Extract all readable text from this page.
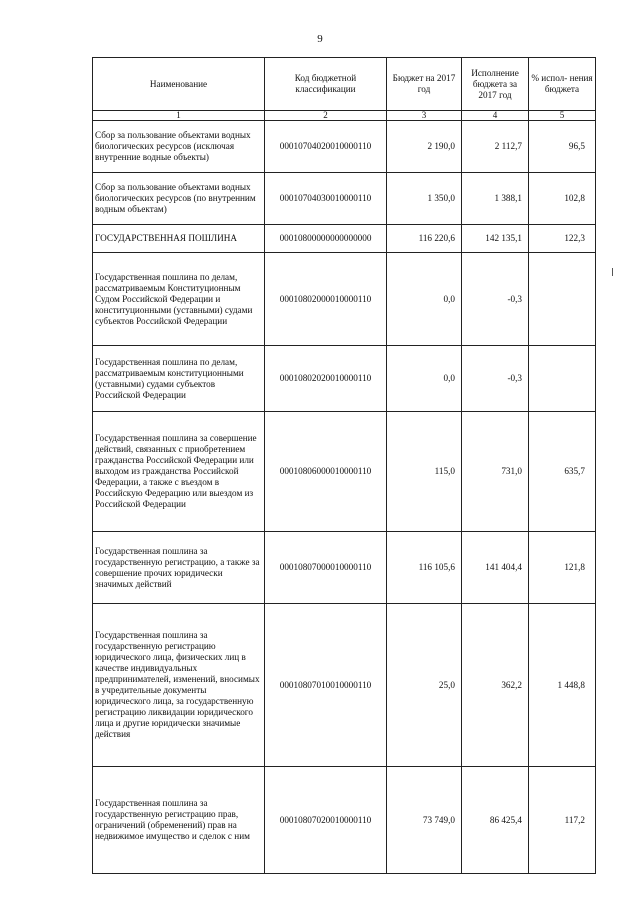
9
Наименование	Код бюджетной классификации	Бюджет на 2017 год	Исполнение бюджета за 2017 год	% испол- нения бюджета
1	2	3	4	5
Сбор за пользование объектами водных биологических ресурсов (исключая внутренние водные объекты)	00010704020010000110	2 190,0	2 112,7	96,5
Сбор за пользование объектами водных биологических ресурсов (по внутренним водным объектам)	00010704030010000110	1 350,0	1 388,1	102,8
ГОСУДАРСТВЕННАЯ ПОШЛИНА	00010800000000000000	116 220,6	142 135,1	122,3
Государственная пошлина по делам, рассматриваемым Конституционным Судом Российской Федерации и конституционными (уставными) судами субъектов Российской Федерации	00010802000010000110	0,0	-0,3	
Государственная пошлина по делам, рассматриваемым конституционными (уставными) судами субъектов Российской Федерации	00010802020010000110	0,0	-0,3	
Государственная пошлина за совершение действий, связанных с приобретением гражданства Российской Федерации или выходом из гражданства Российской Федерации, а также с въездом в Российскую Федерацию или выездом из Российской Федерации	00010806000010000110	115,0	731,0	635,7
Государственная пошлина за государственную регистрацию, а также за совершение прочих юридически значимых действий	00010807000010000110	116 105,6	141 404,4	121,8
Государственная пошлина за государственную регистрацию юридического лица, физических лиц в качестве индивидуальных предпринимателей, изменений, вносимых в учредительные документы юридического лица, за государственную регистрацию ликвидации юридического лица и другие юридически значимые действия	00010807010010000110	25,0	362,2	1 448,8
Государственная пошлина за государственную регистрацию прав, ограничений (обременений) прав на недвижимое имущество и сделок с ним	00010807020010000110	73 749,0	86 425,4	117,2
